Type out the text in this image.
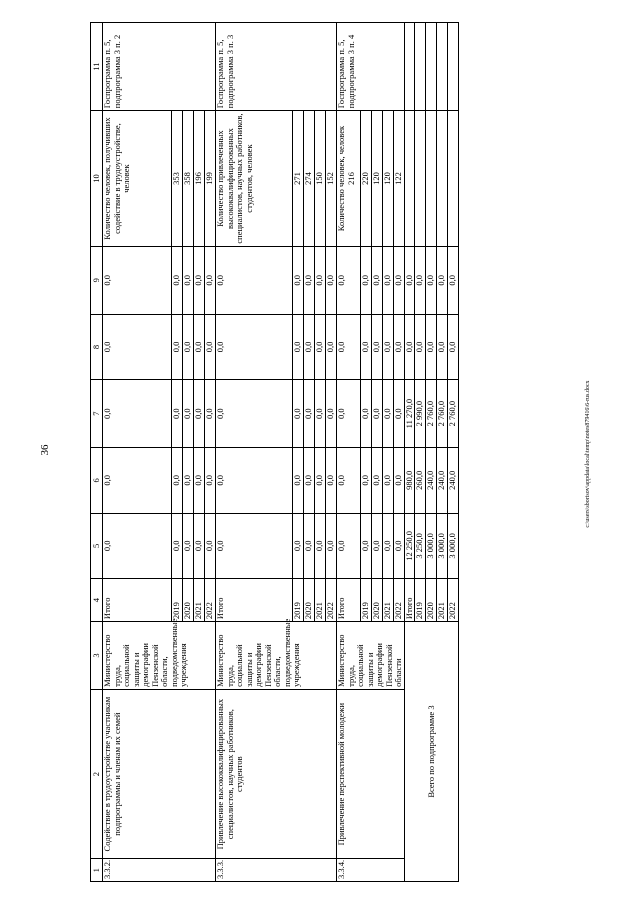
36
1	2	3	4	5	6	7	8	9	10	11
3.3.2.	Содействие в трудоустройстве участникам подпрограммы и членам их семей	Министерство труда, социальной защиты и демографии Пензенской области, подведомственные учреждения	Итого	0,0	0,0	0,0	0,0	0,0	Количество человек, получивших содействие в трудоустройстве, человек	Госпрограмма п. 5, подпрограмма 3 п. 2
			2019	0,0	0,0	0,0	0,0	0,0	353	
			2020	0,0	0,0	0,0	0,0	0,0	358	
			2021	0,0	0,0	0,0	0,0	0,0	196	
			2022	0,0	0,0	0,0	0,0	0,0	199	
3.3.3.	Привлечение высококвалифицированных специалистов, научных работников, студентов	Министерство труда, социальной защиты и демографии Пензенской области, подведомственные учреждения	Итого	0,0	0,0	0,0	0,0	0,0	Количество привлеченных высококвалифицированных специалистов, научных работников, студентов, человек	Госпрограмма п. 5, подпрограмма 3 п. 3
			2019	0,0	0,0	0,0	0,0	0,0	271	
			2020	0,0	0,0	0,0	0,0	0,0	274	
			2021	0,0	0,0	0,0	0,0	0,0	150	
			2022	0,0	0,0	0,0	0,0	0,0	152	
3.3.4.	Привлечение перспективной молодежи	Министерство труда, социальной защиты и демографии Пензенской области	Итого	0,0	0,0	0,0	0,0	0,0	Количество человек, человек 216	Госпрограмма п. 5, подпрограмма 3 п. 4
			2019	0,0	0,0	0,0	0,0	0,0	220	
			2020	0,0	0,0	0,0	0,0	0,0	120	
			2021	0,0	0,0	0,0	0,0	0,0	120	
			2022	0,0	0,0	0,0	0,0	0,0	122	
Всего по подпрограмме 3			Итого	12 250,0	980,0	11 270,0	0,0	0,0		
			2019	3 250,0	260,0	2 990,0	0,0	0,0		
			2020	3 000,0	240,0	2 760,0	0,0	0,0		
			2021	3 000,0	240,0	2 760,0	0,0	0,0		
			2022	3 000,0	240,0	2 760,0	0,0	0,0		
c:\users\sborisov\appdata\local\temp\notes879416\6-rus.docx
